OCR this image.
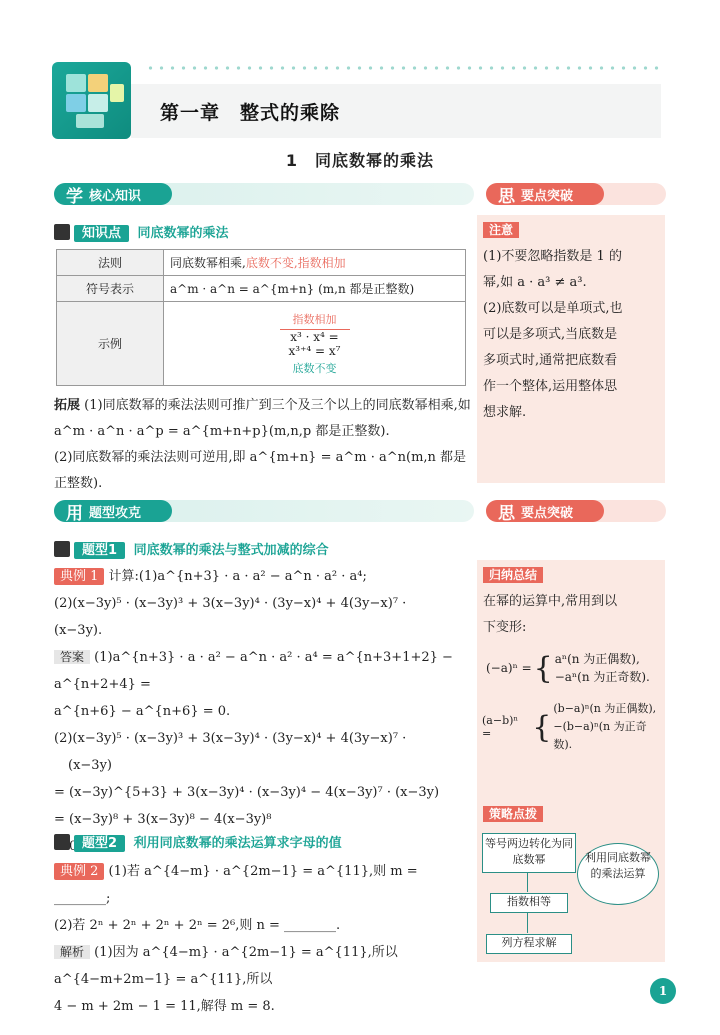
第一章　整式的乘除
1　同底数幂的乘法
学 核心知识	思 要点突破
知识点 同底数幂的乘法
法则	同底数幂相乘,底数不变,指数相加
符号表示	a^m · a^n = a^{m+n} (m,n 都是正整数)
示例	指数相加
x³ · x⁴ = x³⁺⁴ = x⁷
底数不变
拓展 (1)同底数幂的乘法法则可推广到三个及三个以上的同底数幂相乘,如 a^m · a^n · a^p = a^{m+n+p}(m,n,p 都是正整数).
(2)同底数幂的乘法法则可逆用,即 a^{m+n} = a^m · a^n(m,n 都是正整数).
注意
(1)不要忽略指数是 1 的
幂,如 a · a³ ≠ a³.
(2)底数可以是单项式,也
可以是多项式,当底数是
多项式时,通常把底数看
作一个整体,运用整体思
想求解.
用 题型攻克	思 要点突破
题型1 同底数幂的乘法与整式加减的综合
典例 1 计算:(1)a^{n+3} · a · a² − a^n · a² · a⁴;
(2)(x−3y)⁵ · (x−3y)³ + 3(x−3y)⁴ · (3y−x)⁴ + 4(3y−x)⁷ ·
(x−3y).
答案 (1)a^{n+3} · a · a² − a^n · a² · a⁴ = a^{n+3+1+2} − a^{n+2+4} =
a^{n+6} − a^{n+6} = 0.
(2)(x−3y)⁵ · (x−3y)³ + 3(x−3y)⁴ · (3y−x)⁴ + 4(3y−x)⁷ ·
(x−3y)
= (x−3y)^{5+3} + 3(x−3y)⁴ · (x−3y)⁴ − 4(x−3y)⁷ · (x−3y)
= (x−3y)⁸ + 3(x−3y)⁸ − 4(x−3y)⁸
归纳总结
在幂的运算中,常用到以
下变形:
(−a)ⁿ = { aⁿ(n 为正偶数),
−aⁿ(n 为正奇数).
(a−b)ⁿ =	{
(b−a)ⁿ(n 为正偶数),
−(b−a)ⁿ(n 为正奇数).
策略点拨
等号两边转化为同底数幂
指数相等
列方程求解
利用同底数幂的乘法运算
题型2 利用同底数幂的乘法运算求字母的值
典例 2 (1)若 a^{4−m} · a^{2m−1} = a^{11},则 m = ________;
(2)若 2ⁿ + 2ⁿ + 2ⁿ + 2ⁿ = 2⁶,则 n = ________.
解析 (1)因为 a^{4−m} · a^{2m−1} = a^{11},所以 a^{4−m+2m−1} = a^{11},所以
4 − m + 2m − 1 = 11,解得 m = 8.
1
